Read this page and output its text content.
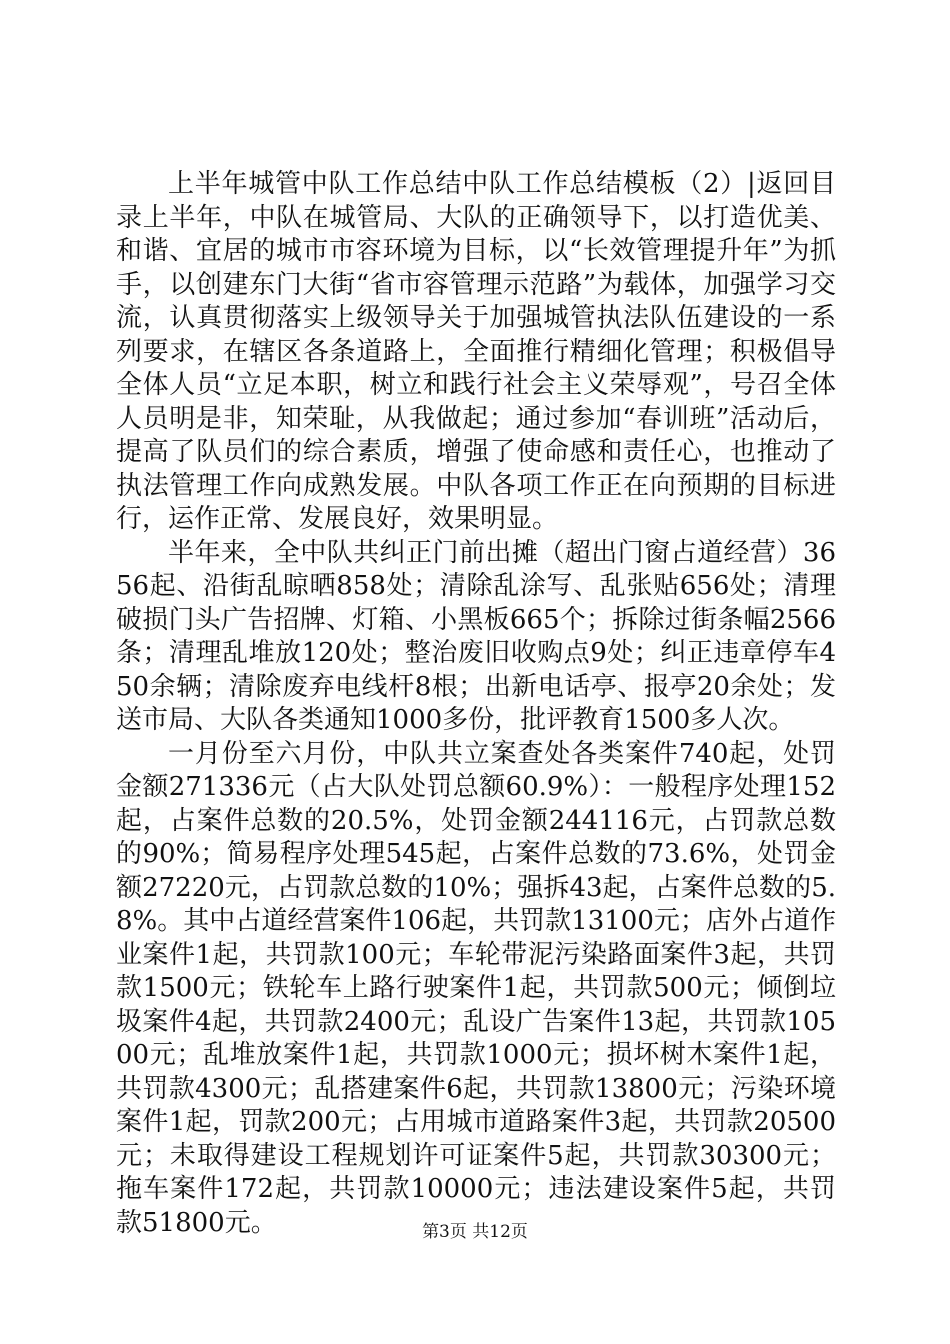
上半年城管中队工作总结中队工作总结模板（2）|返回目录上半年，中队在城管局、大队的正确领导下，以打造优美、和谐、宜居的城市市容环境为目标，以“长效管理提升年”为抓手，以创建东门大街“省市容管理示范路”为载体，加强学习交流，认真贯彻落实上级领导关于加强城管执法队伍建设的一系列要求，在辖区各条道路上，全面推行精细化管理；积极倡导全体人员“立足本职，树立和践行社会主义荣辱观”，号召全体人员明是非，知荣耻，从我做起；通过参加“春训班”活动后，提高了队员们的综合素质，增强了使命感和责任心，也推动了执法管理工作向成熟发展。中队各项工作正在向预期的目标进行，运作正常、发展良好，效果明显。

半年来，全中队共纠正门前出摊（超出门窗占道经营）3656起、沿街乱晾晒858处；清除乱涂写、乱张贴656处；清理破损门头广告招牌、灯箱、小黑板665个；拆除过街条幅2566条；清理乱堆放120处；整治废旧收购点9处；纠正违章停车450余辆；清除废弃电线杆8根；出新电话亭、报亭20余处；发送市局、大队各类通知1000多份，批评教育1500多人次。

一月份至六月份，中队共立案查处各类案件740起，处罚金额271336元（占大队处罚总额60.9%）：一般程序处理152起，占案件总数的20.5%，处罚金额244116元，占罚款总数的90%；简易程序处理545起，占案件总数的73.6%，处罚金额27220元，占罚款总数的10%；强拆43起，占案件总数的5.8%。其中占道经营案件106起，共罚款13100元；店外占道作业案件1起，共罚款100元；车轮带泥污染路面案件3起，共罚款1500元；铁轮车上路行驶案件1起，共罚款500元；倾倒垃圾案件4起，共罚款2400元；乱设广告案件13起，共罚款10500元；乱堆放案件1起，共罚款1000元；损坏树木案件1起，共罚款4300元；乱搭建案件6起，共罚款13800元；污染环境案件1起，罚款200元；占用城市道路案件3起，共罚款20500元；未取得建设工程规划许可证案件5起，共罚款30300元；拖车案件172起，共罚款10000元；违法建设案件5起，共罚款51800元。	第3页 共12页
